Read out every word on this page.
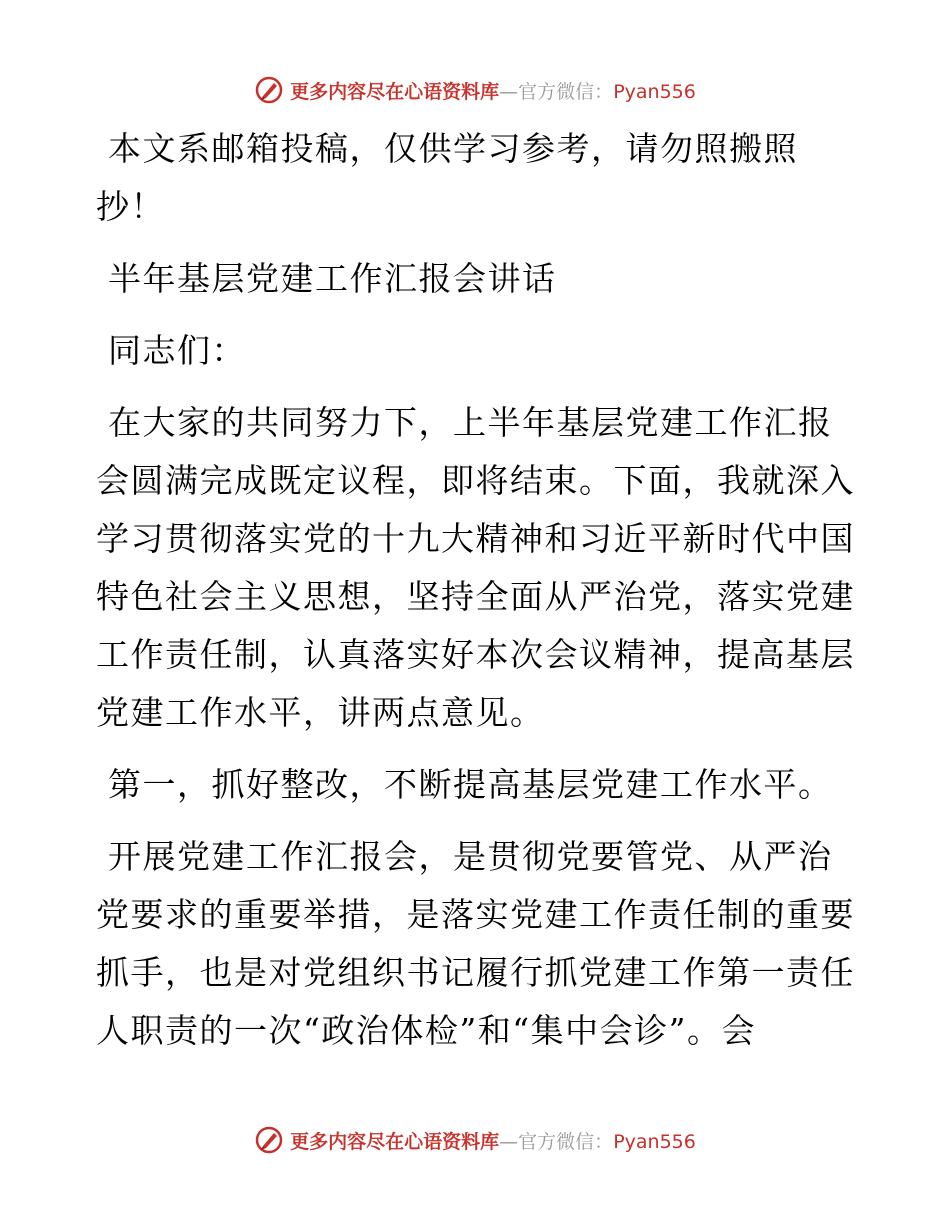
更多内容尽在心语资料库—官方微信：Pyan556

本文系邮箱投稿，仅供学习参考，请勿照搬照抄！

半年基层党建工作汇报会讲话

同志们：

在大家的共同努力下，上半年基层党建工作汇报会圆满完成既定议程，即将结束。下面，我就深入学习贯彻落实党的十九大精神和习近平新时代中国特色社会主义思想，坚持全面从严治党，落实党建工作责任制，认真落实好本次会议精神，提高基层党建工作水平，讲两点意见。

第一，抓好整改，不断提高基层党建工作水平。

开展党建工作汇报会，是贯彻党要管党、从严治党要求的重要举措，是落实党建工作责任制的重要抓手，也是对党组织书记履行抓党建工作第一责任人职责的一次“政治体检”和“集中会诊”。会

更多内容尽在心语资料库—官方微信：Pyan556
